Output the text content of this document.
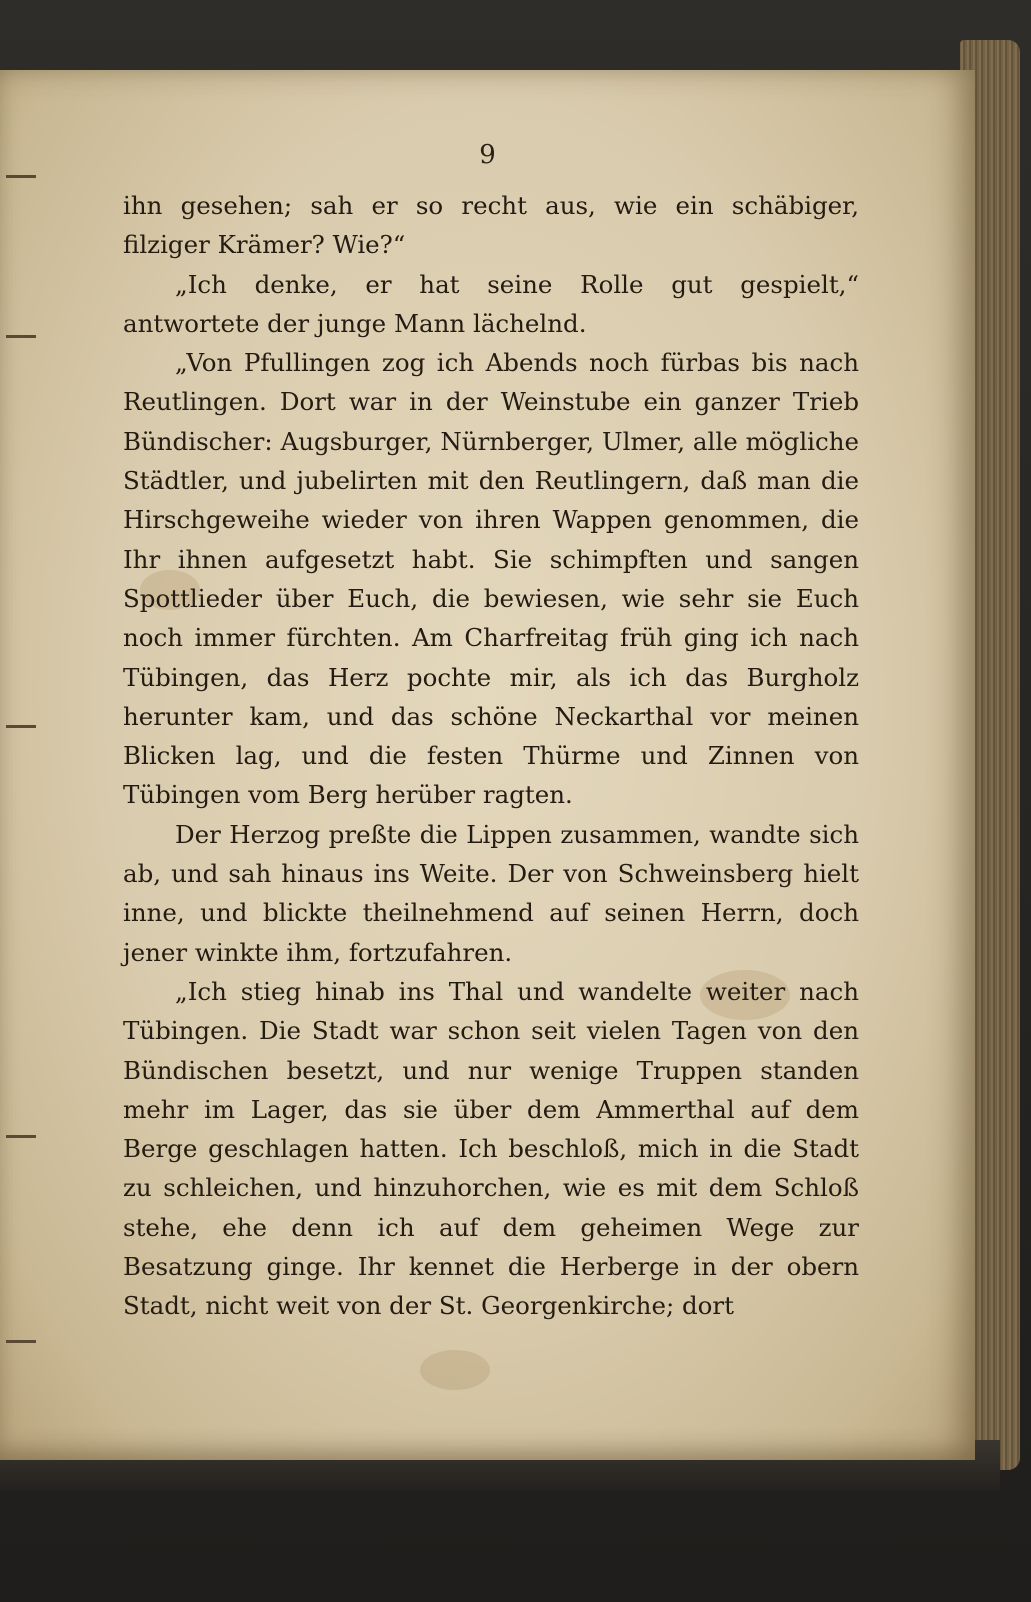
9

ihn gesehen; sah er so recht aus, wie ein schäbiger, filziger Krämer? Wie?“

„Ich denke, er hat seine Rolle gut gespielt,“ antwortete der junge Mann lächelnd.

„Von Pfullingen zog ich Abends noch fürbas bis nach Reutlingen. Dort war in der Weinstube ein ganzer Trieb Bündischer: Augsburger, Nürnberger, Ulmer, alle mögliche Städtler, und jubelirten mit den Reutlingern, daß man die Hirschgeweihe wieder von ihren Wappen genommen, die Ihr ihnen aufgesetzt habt. Sie schimpften und sangen Spottlieder über Euch, die bewiesen, wie sehr sie Euch noch immer fürchten. Am Charfreitag früh ging ich nach Tübingen, das Herz pochte mir, als ich das Burgholz herunter kam, und das schöne Neckarthal vor meinen Blicken lag, und die festen Thürme und Zinnen von Tübingen vom Berg herüber ragten.

Der Herzog preßte die Lippen zusammen, wandte sich ab, und sah hinaus ins Weite. Der von Schweinsberg hielt inne, und blickte theilnehmend auf seinen Herrn, doch jener winkte ihm, fortzufahren.

„Ich stieg hinab ins Thal und wandelte weiter nach Tübingen. Die Stadt war schon seit vielen Tagen von den Bündischen besetzt, und nur wenige Truppen standen mehr im Lager, das sie über dem Ammerthal auf dem Berge geschlagen hatten. Ich beschloß, mich in die Stadt zu schleichen, und hinzuhorchen, wie es mit dem Schloß stehe, ehe denn ich auf dem geheimen Wege zur Besatzung ginge. Ihr kennet die Herberge in der obern Stadt, nicht weit von der St. Georgenkirche; dort
